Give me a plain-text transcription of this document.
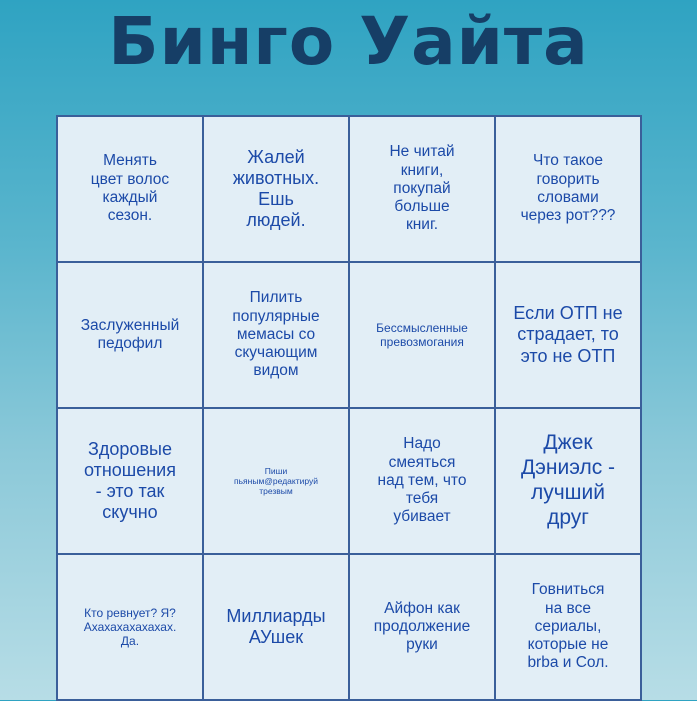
Бинго Уайта
Менять
цвет волос
каждый
сезон.
Жалей
животных.
Ешь
людей.
Не читай
книги,
покупай
больше
книг.
Что такое
говорить
словами
через рот???
Заслуженный
педофил
Пилить
популярные
мемасы со
скучающим
видом
Бессмысленные
превозмогания
Если ОТП не
страдает, то
это не ОТП
Здоровые
отношения
- это так
скучно
Пиши
пьяным@редактируй
трезвым
Надо
смеяться
над тем, что
тебя
убивает
Джек
Дэниэлс -
лучший
друг
Кто ревнует? Я?
Ахахахахахахах.
Да.
Миллиарды
АУшек
Айфон как
продолжение
руки
Говниться
на все
сериалы,
которые не
brba и Сол.
